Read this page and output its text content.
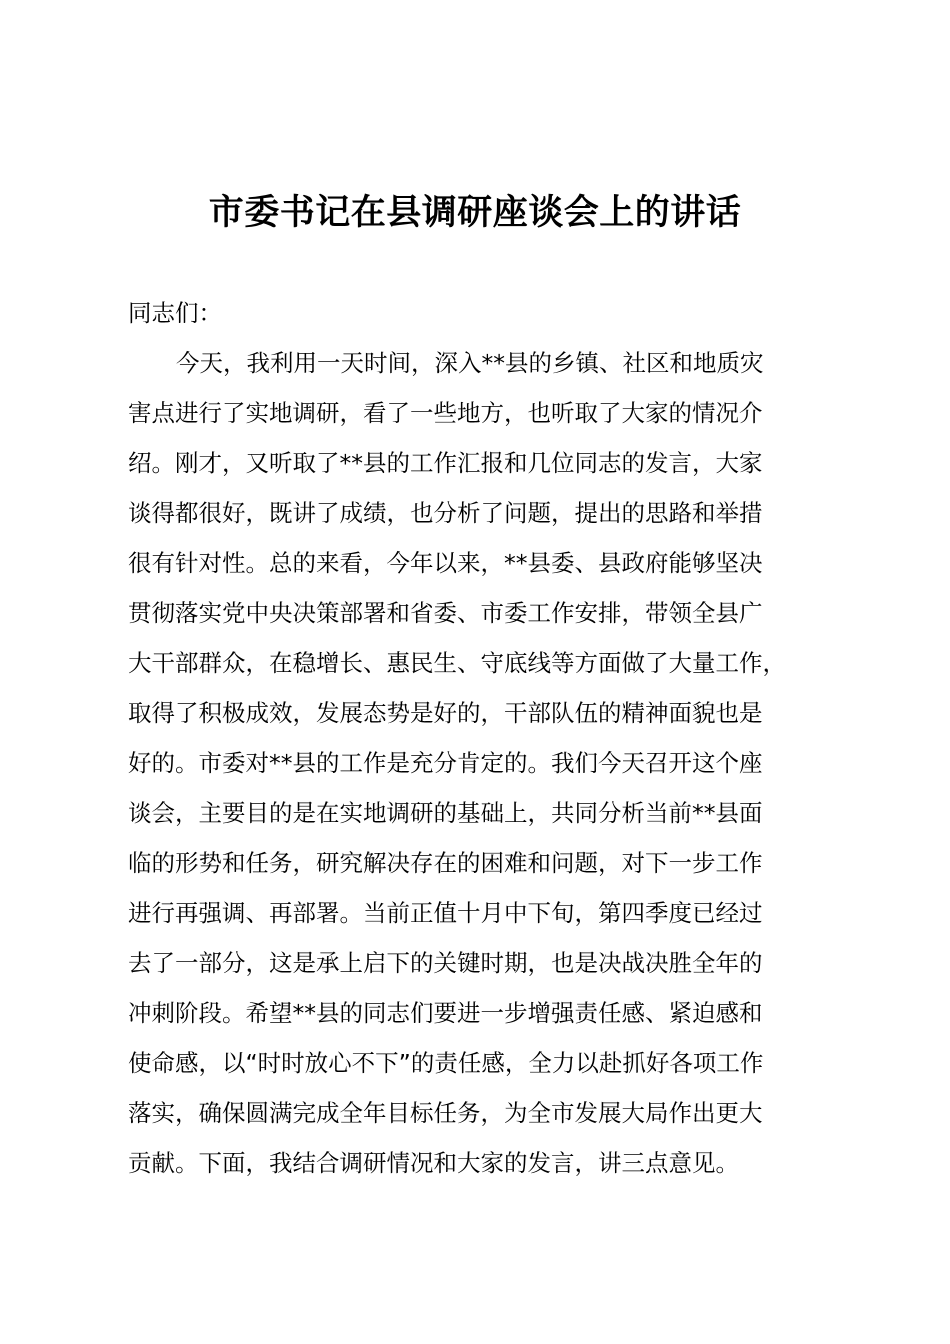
市委书记在县调研座谈会上的讲话
同志们：
今天，我利用一天时间，深入**县的乡镇、社区和地质灾
害点进行了实地调研，看了一些地方，也听取了大家的情况介
绍。刚才，又听取了**县的工作汇报和几位同志的发言，大家
谈得都很好，既讲了成绩，也分析了问题，提出的思路和举措
很有针对性。总的来看，今年以来，**县委、县政府能够坚决
贯彻落实党中央决策部署和省委、市委工作安排，带领全县广
大干部群众，在稳增长、惠民生、守底线等方面做了大量工作，
取得了积极成效，发展态势是好的，干部队伍的精神面貌也是
好的。市委对**县的工作是充分肯定的。我们今天召开这个座
谈会，主要目的是在实地调研的基础上，共同分析当前**县面
临的形势和任务，研究解决存在的困难和问题，对下一步工作
进行再强调、再部署。当前正值十月中下旬，第四季度已经过
去了一部分，这是承上启下的关键时期，也是决战决胜全年的
冲刺阶段。希望**县的同志们要进一步增强责任感、紧迫感和
使命感，以“时时放心不下”的责任感，全力以赴抓好各项工作
落实，确保圆满完成全年目标任务，为全市发展大局作出更大
贡献。下面，我结合调研情况和大家的发言，讲三点意见。
